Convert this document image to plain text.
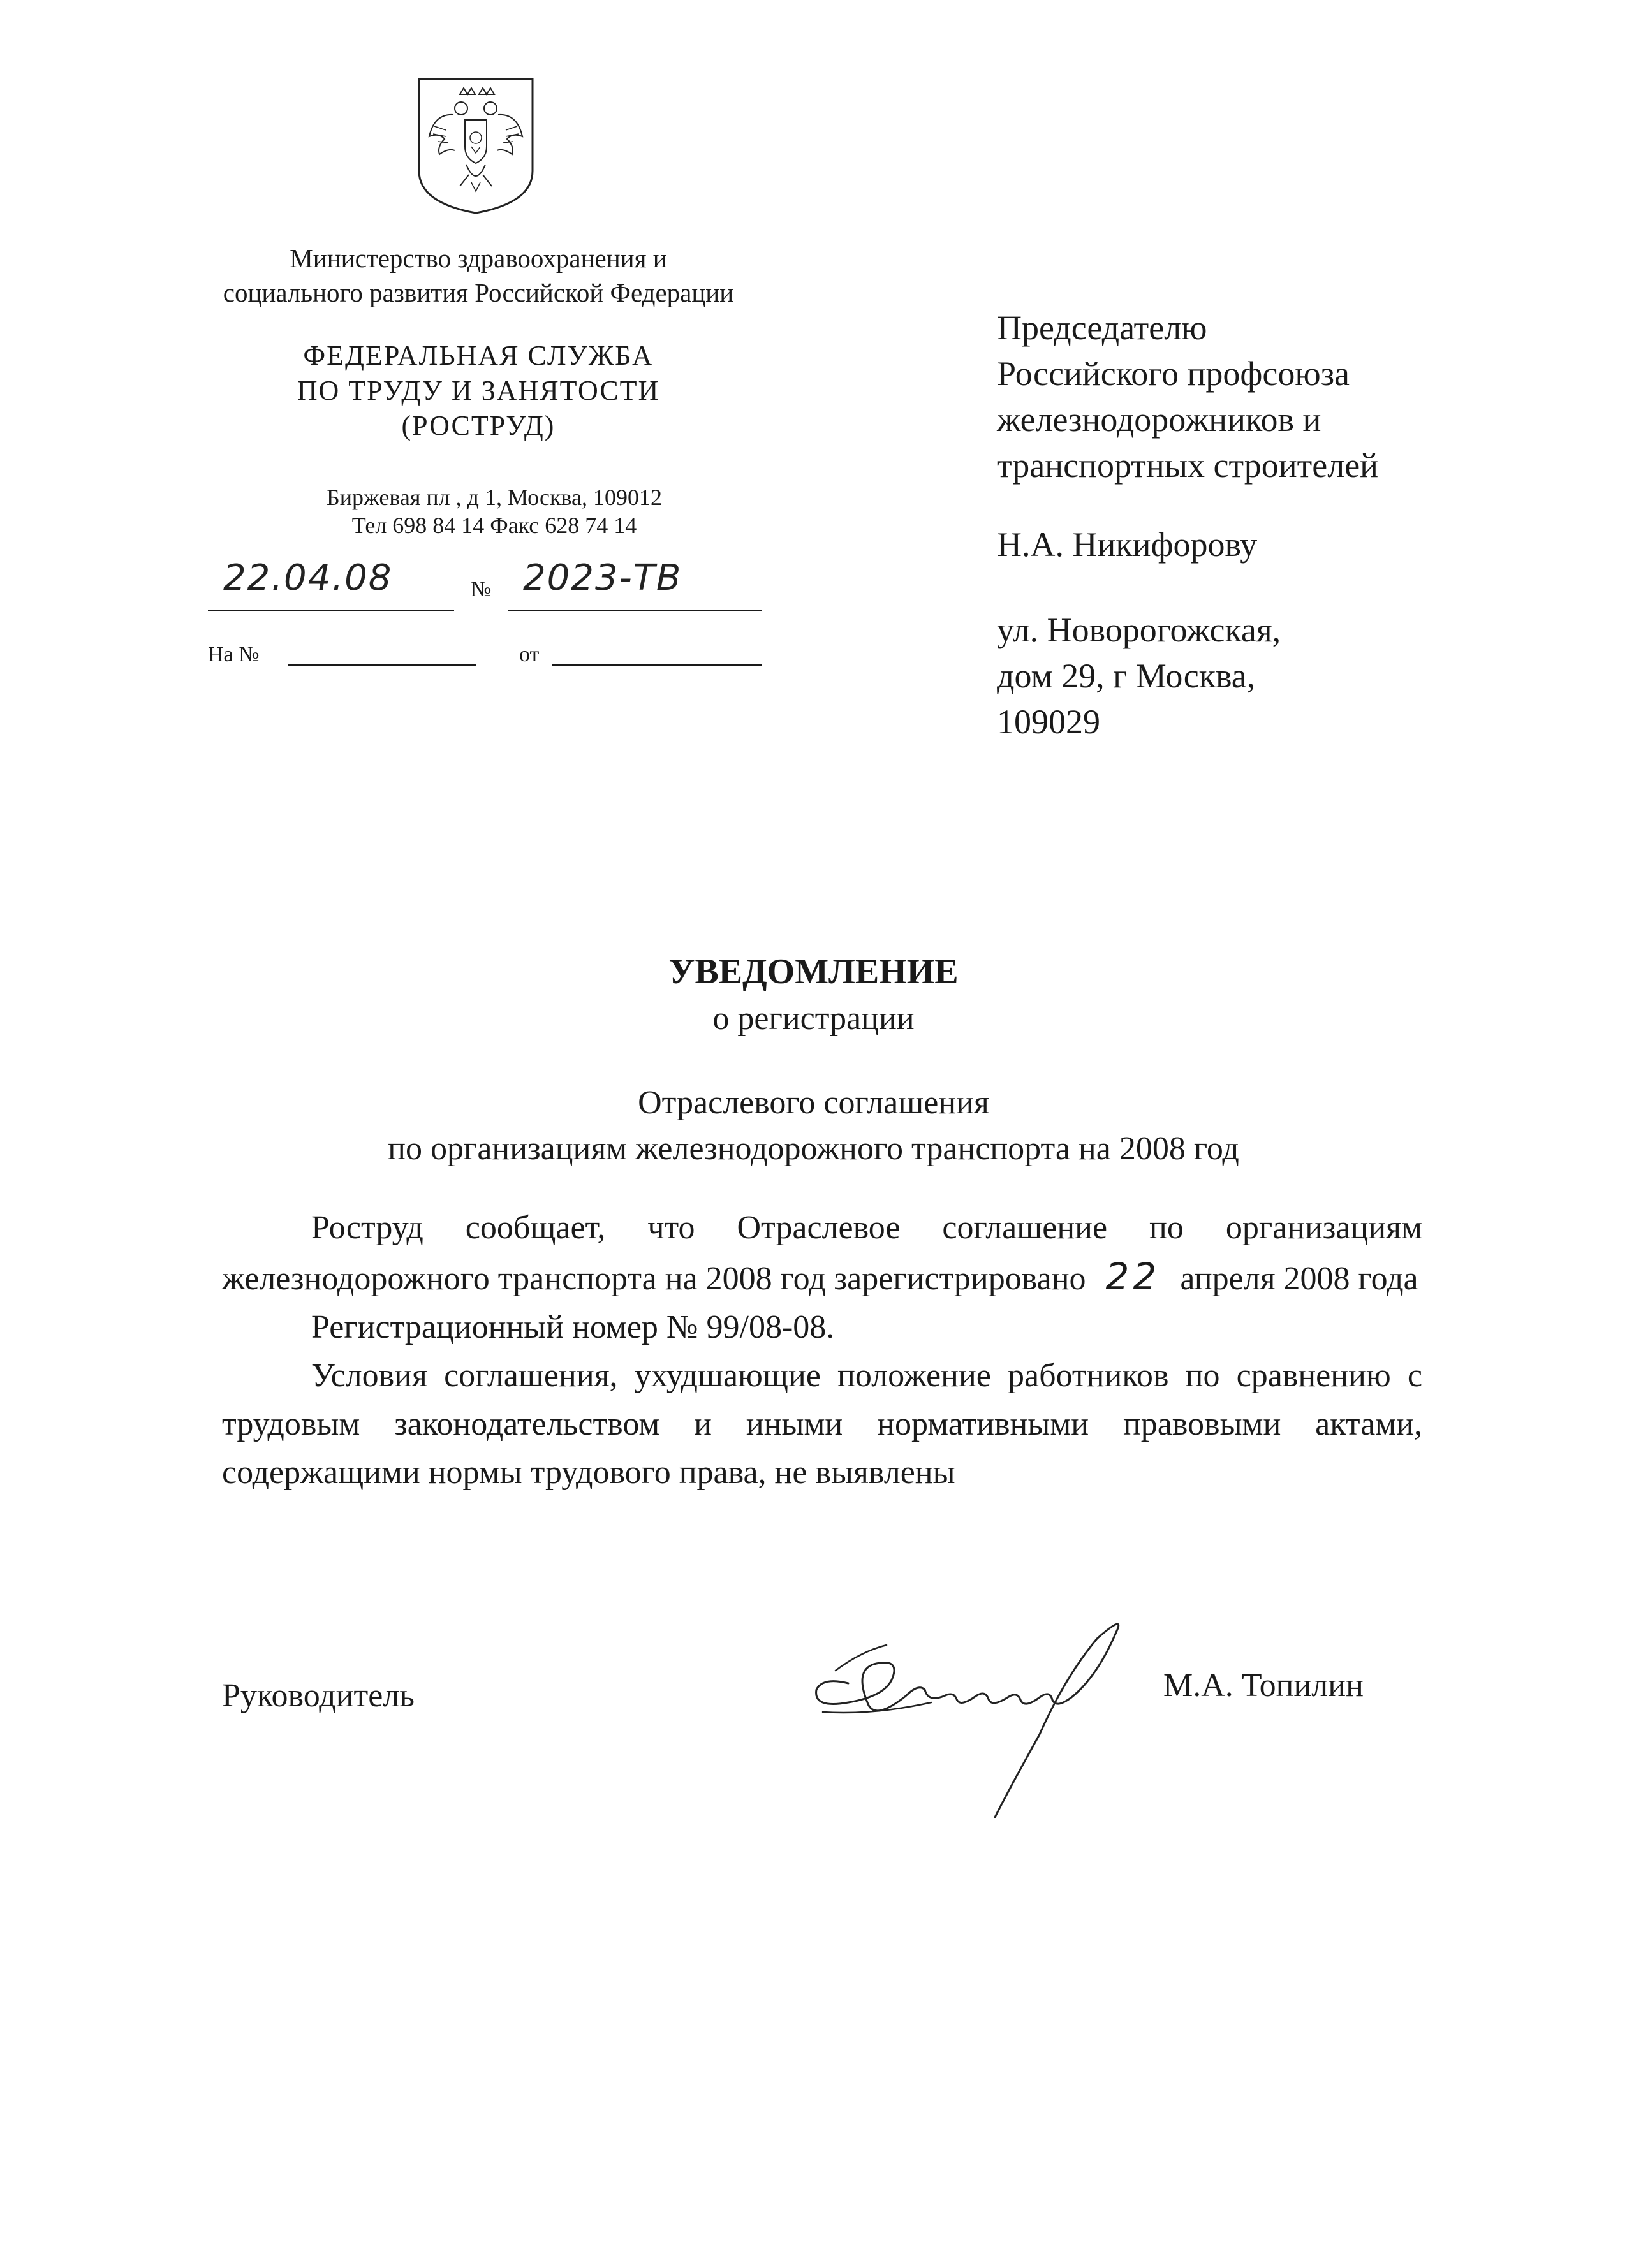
Министерство здравоохранения и
социального развития Российской Федерации
ФЕДЕРАЛЬНАЯ СЛУЖБА
ПО ТРУДУ И ЗАНЯТОСТИ
(РОСТРУД)
Биржевая пл , д 1, Москва, 109012
Тел 698 84 14 Факс 628 74 14
22.04.08	№ 2023-ТВ
На №	от
Председателю
Российского профсоюза
железнодорожников и
транспортных строителей
Н.А. Никифорову
ул. Новорогожская,
дом 29, г Москва,
109029
УВЕДОМЛЕНИЕ
о регистрации
Отраслевого соглашения
по организациям железнодорожного транспорта на 2008 год

Роструд сообщает, что Отраслевое соглашение по организациям железнодорожного транспорта на 2008 год зарегистрировано 22 апреля 2008 года

Регистрационный номер № 99/08-08.

Условия соглашения, ухудшающие положение работников по сравнению с трудовым законодательством и иными нормативными правовыми актами, содержащими нормы трудового права, не выявлены

Руководитель	М.А. Топилин
